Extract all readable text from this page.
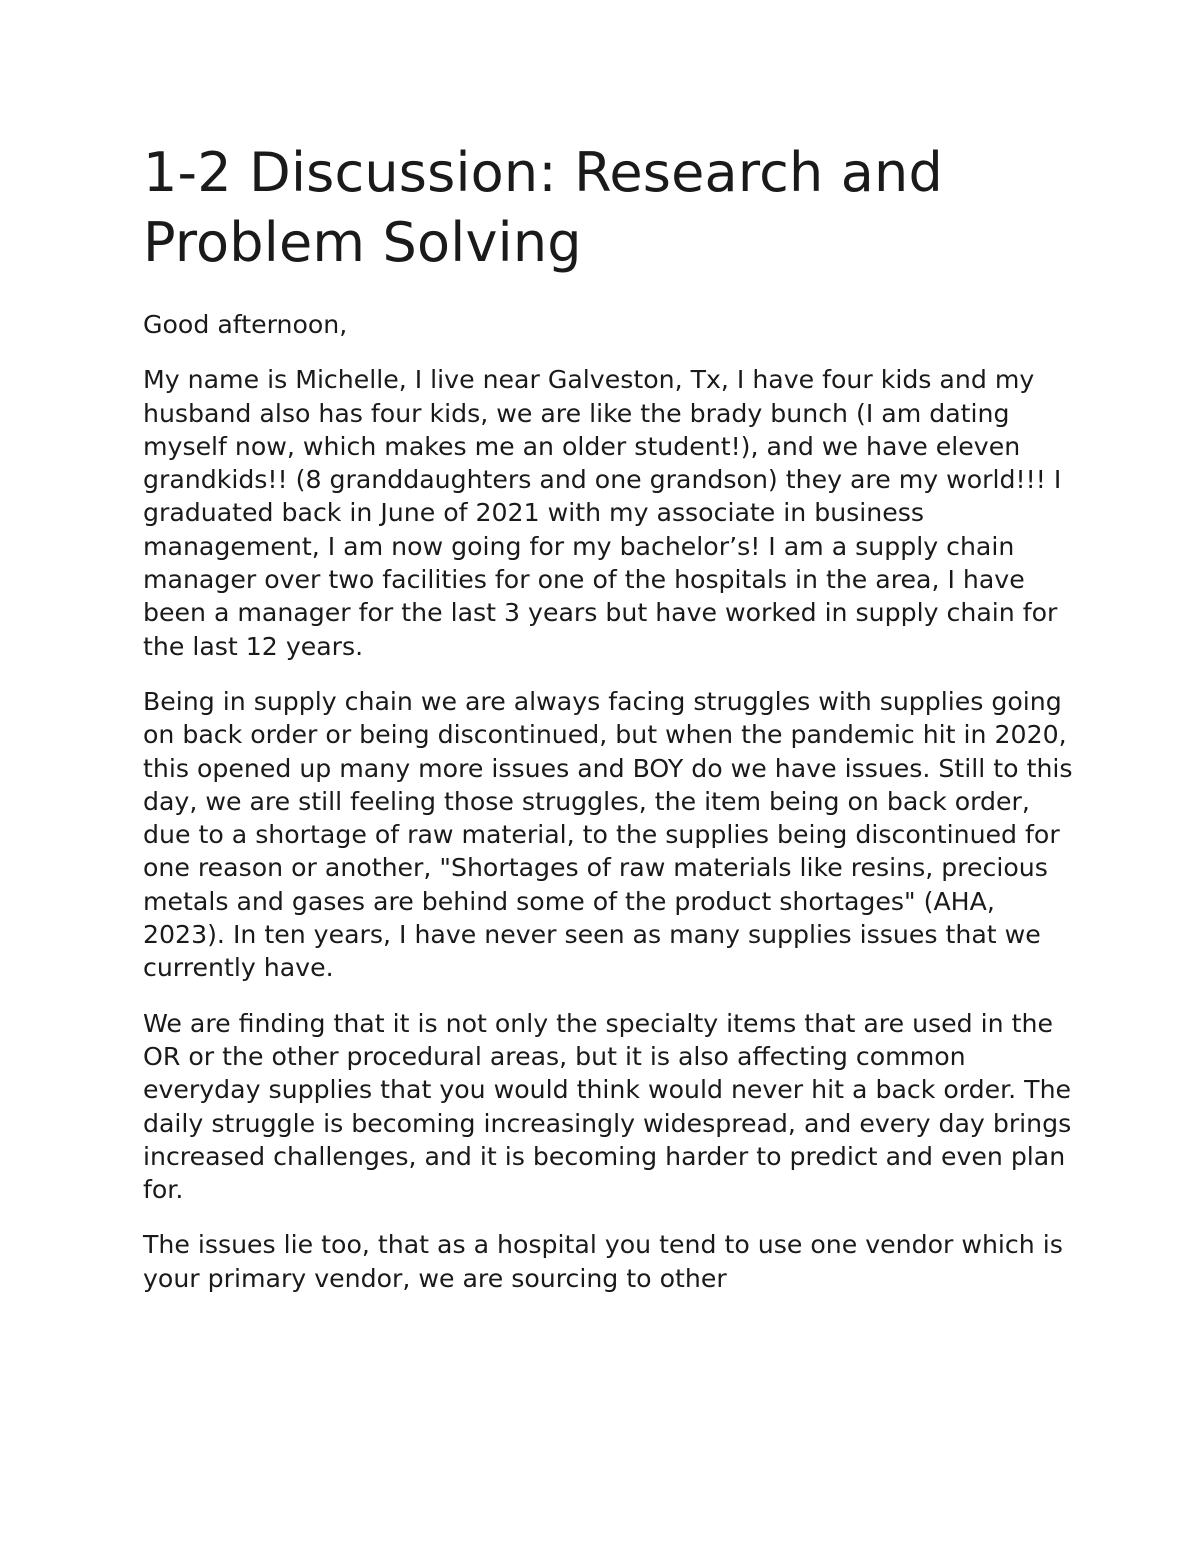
1-2 Discussion: Research and Problem Solving

Good afternoon,

My name is Michelle, I live near Galveston, Tx, I have four kids and my husband also has four kids, we are like the brady bunch (I am dating myself now, which makes me an older student!), and we have eleven grandkids!! (8 granddaughters and one grandson) they are my world!!! I graduated back in June of 2021 with my associate in business management, I am now going for my bachelor’s! I am a supply chain manager over two facilities for one of the hospitals in the area, I have been a manager for the last 3 years but have worked in supply chain for the last 12 years.

Being in supply chain we are always facing struggles with supplies going on back order or being discontinued, but when the pandemic hit in 2020, this opened up many more issues and BOY do we have issues. Still to this day, we are still feeling those struggles, the item being on back order, due to a shortage of raw material, to the supplies being discontinued for one reason or another, "Shortages of raw materials like resins, precious metals and gases are behind some of the product shortages" (AHA, 2023). In ten years, I have never seen as many supplies issues that we currently have.

We are finding that it is not only the specialty items that are used in the OR or the other procedural areas, but it is also affecting common everyday supplies that you would think would never hit a back order. The daily struggle is becoming increasingly widespread, and every day brings increased challenges, and it is becoming harder to predict and even plan for.

The issues lie too, that as a hospital you tend to use one vendor which is your primary vendor, we are sourcing to other
